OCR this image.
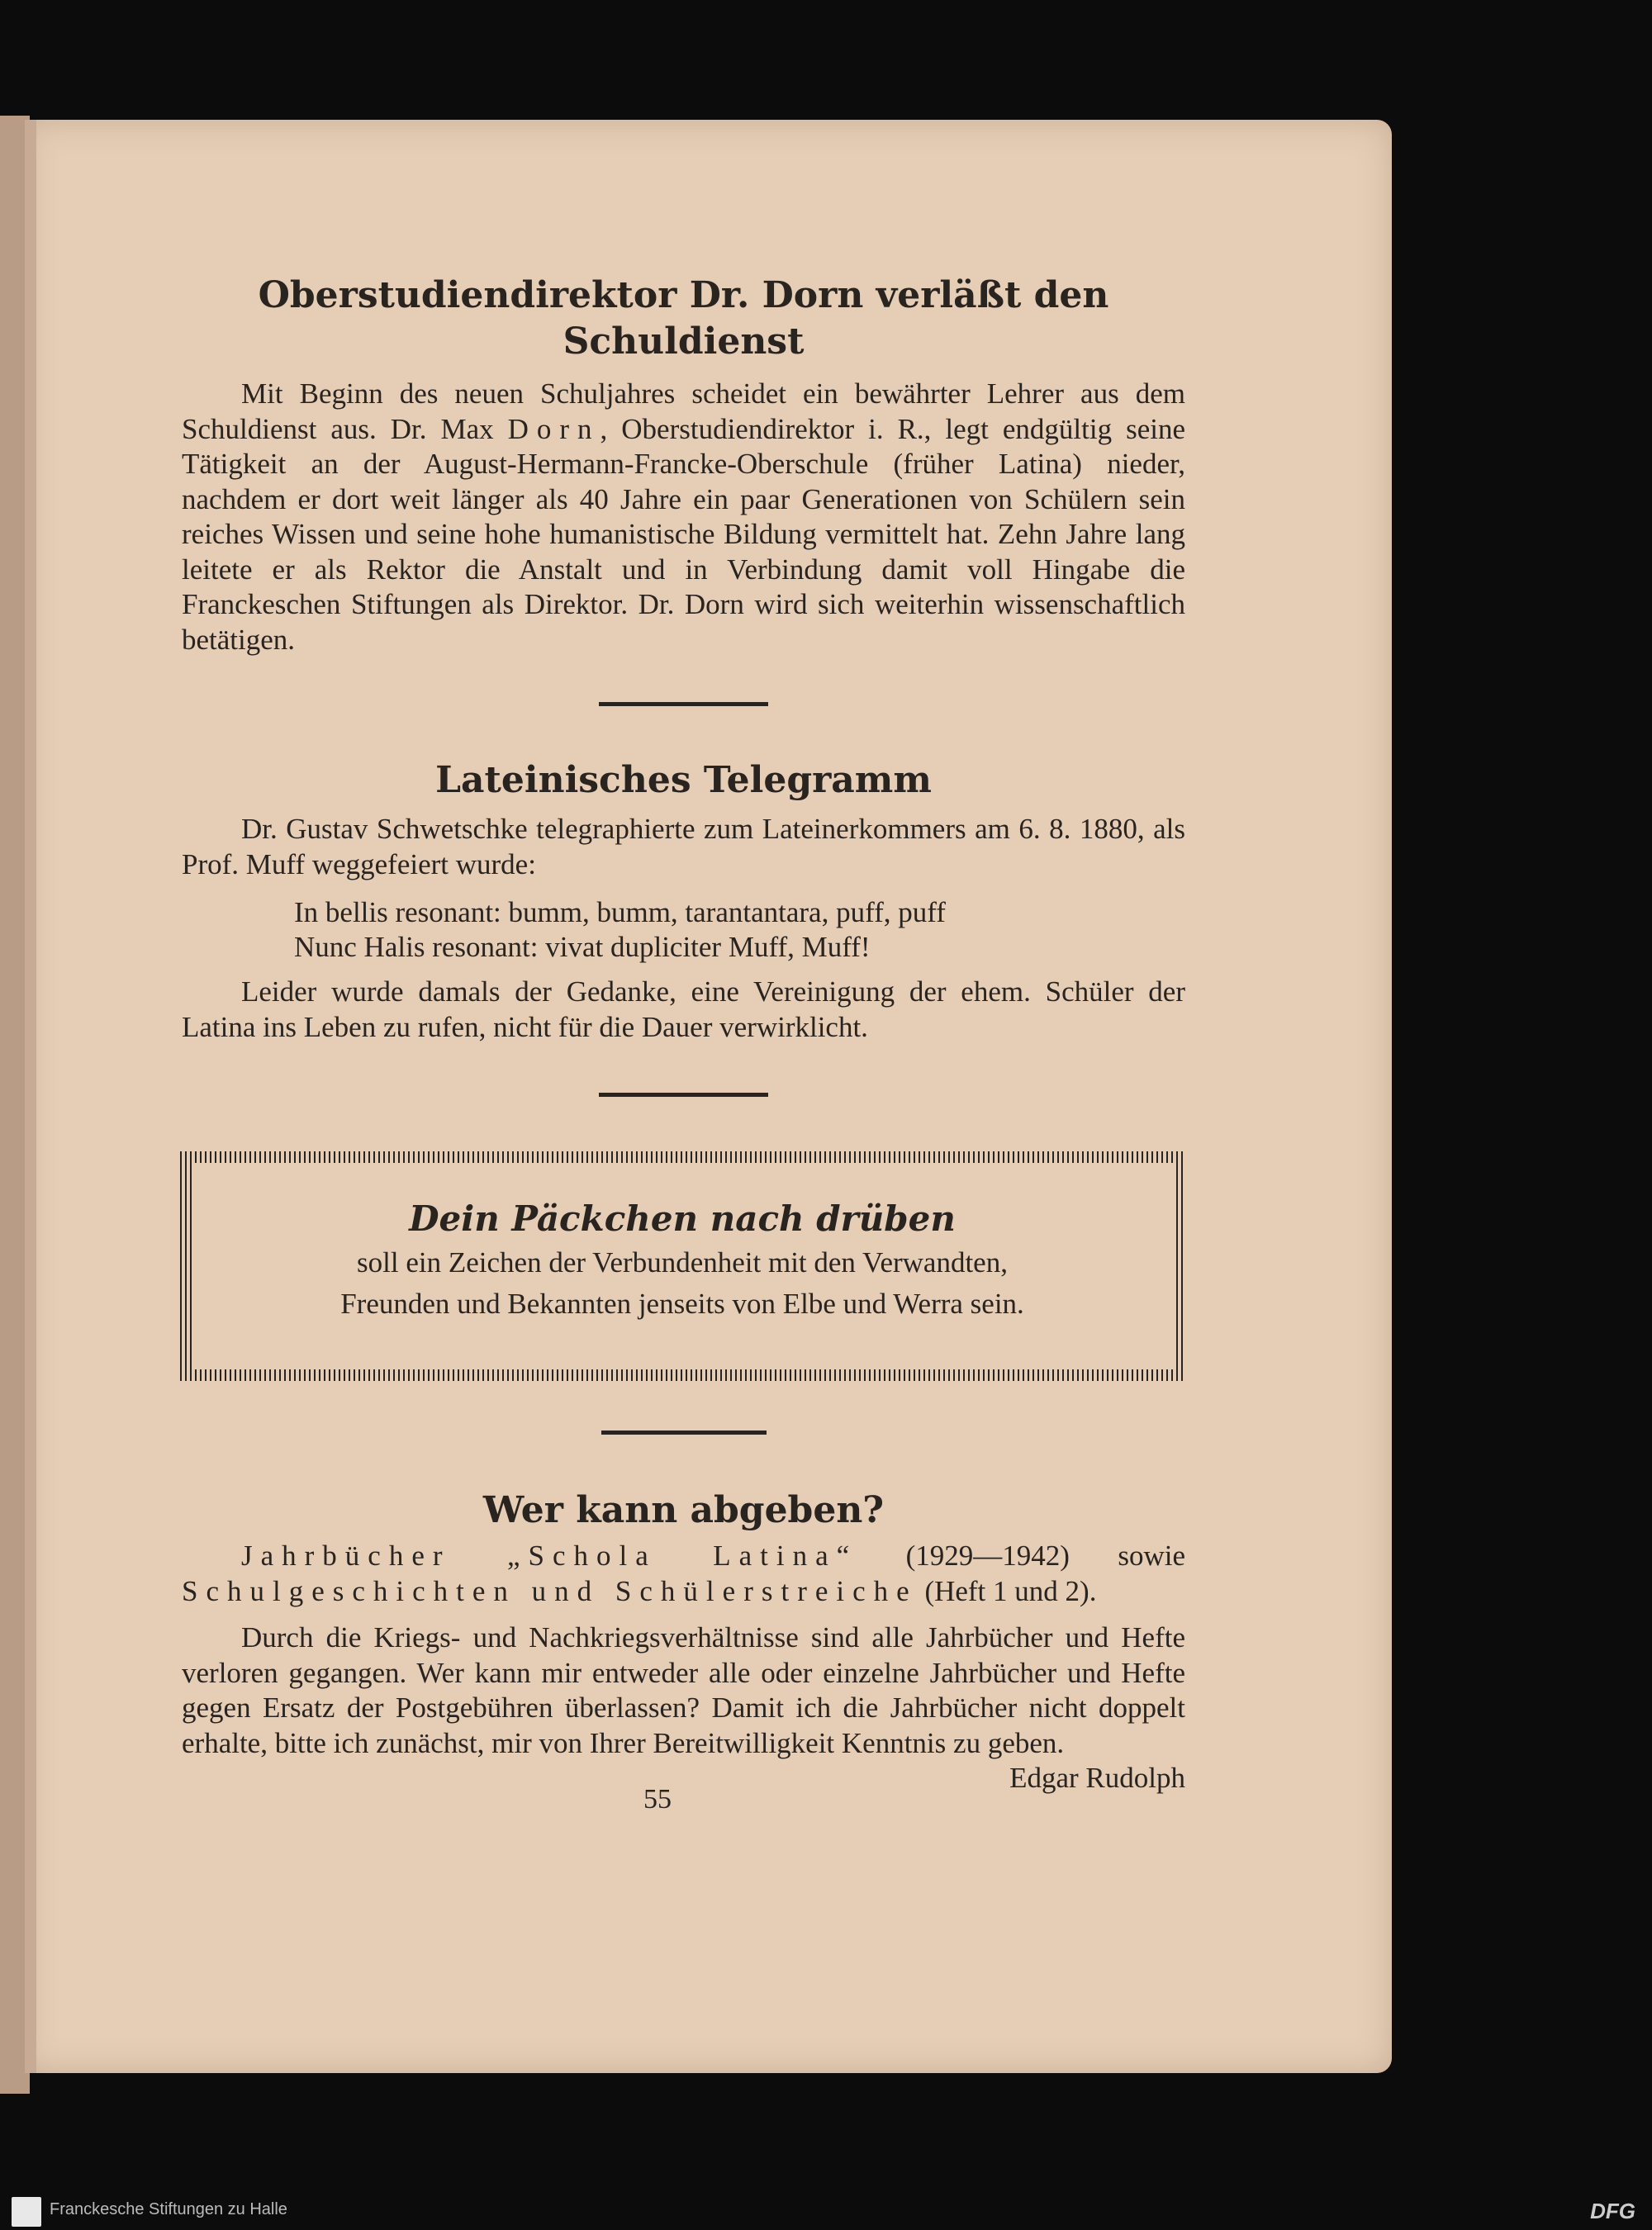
Oberstudiendirektor Dr. Dorn verläßt den
Schuldienst

Mit Beginn des neuen Schuljahres scheidet ein bewährter Lehrer aus dem Schuldienst aus. Dr. Max Dorn, Oberstudiendirektor i. R., legt endgültig seine Tätigkeit an der August-Hermann-Francke-Oberschule (früher Latina) nieder, nachdem er dort weit länger als 40 Jahre ein paar Generationen von Schülern sein reiches Wissen und seine hohe humanistische Bildung vermittelt hat. Zehn Jahre lang leitete er als Rektor die Anstalt und in Verbindung damit voll Hingabe die Franckeschen Stiftungen als Direktor. Dr. Dorn wird sich weiterhin wissenschaftlich betätigen.

Lateinisches Telegramm

Dr. Gustav Schwetschke telegraphierte zum Lateinerkommers am 6. 8. 1880, als Prof. Muff weggefeiert wurde:

In bellis resonant: bumm, bumm, tarantantara, puff, puff

Nunc Halis resonant: vivat dupliciter Muff, Muff!

Leider wurde damals der Gedanke, eine Vereinigung der ehem. Schüler der Latina ins Leben zu rufen, nicht für die Dauer verwirklicht.

Dein Päckchen nach drüben

soll ein Zeichen der Verbundenheit mit den Verwandten,

Freunden und Bekannten jenseits von Elbe und Werra sein.

Wer kann abgeben?

Jahrbücher „Schola Latina“ (1929—1942) sowie Schulgeschichten und Schülerstreiche (Heft 1 und 2).

Durch die Kriegs- und Nachkriegsverhältnisse sind alle Jahrbücher und Hefte verloren gegangen. Wer kann mir entweder alle oder einzelne Jahrbücher und Hefte gegen Ersatz der Postgebühren überlassen? Damit ich die Jahrbücher nicht doppelt erhalte, bitte ich zunächst, mir von Ihrer Bereitwilligkeit Kenntnis zu geben.
Edgar Rudolph

55
Franckesche Stiftungen zu Halle	DFG
